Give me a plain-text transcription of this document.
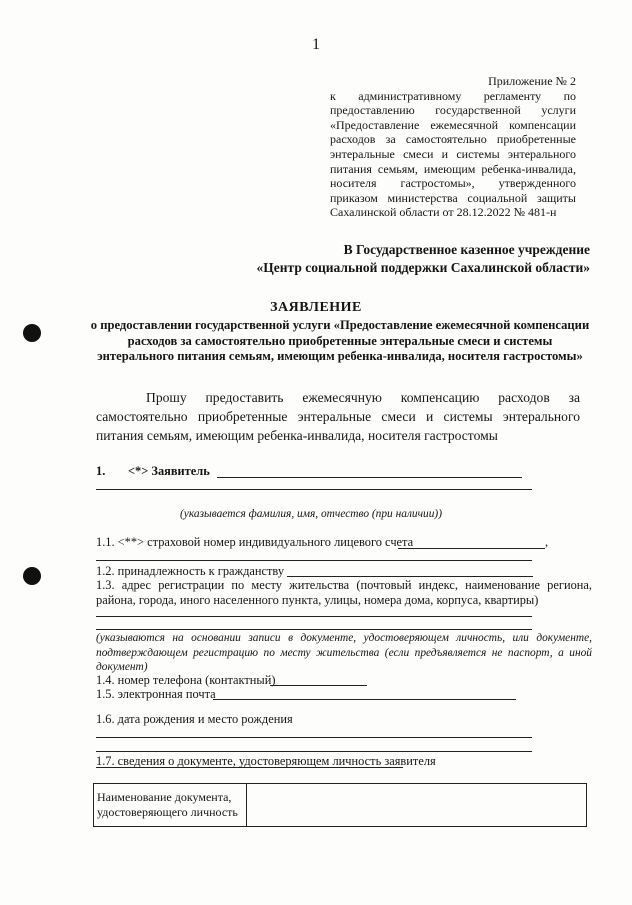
1
Приложение № 2
к административному регламенту по предоставлению государственной услуги «Предоставление ежемесячной компенсации расходов за самостоятельно приобретенные энтеральные смеси и системы энтерального питания семьям, имеющим ребенка-инвалида, носителя гастростомы», утвержденного приказом министерства социальной защиты Сахалинской области от 28.12.2022 № 481-н
В Государственное казенное учреждение
«Центр социальной поддержки Сахалинской области»
ЗАЯВЛЕНИЕ
о предоставлении государственной услуги «Предоставление ежемесячной компенсации расходов за самостоятельно приобретенные энтеральные смеси и системы энтерального питания семьям, имеющим ребенка-инвалида, носителя гастростомы»
Прошу предоставить ежемесячную компенсацию расходов за самостоятельно приобретенные энтеральные смеси и системы энтерального питания семьям, имеющим ребенка-инвалида, носителя гастростомы
1. <*> Заявитель
(указывается фамилия, имя, отчество (при наличии))
1.1. <**> страховой номер индивидуального лицевого счета	,
1.2. принадлежность к гражданству
1.3. адрес регистрации по месту жительства (почтовый индекс, наименование региона, района, города, иного населенного пункта, улицы, номера дома, корпуса, квартиры)
(указываются на основании записи в документе, удостоверяющем личность, или документе, подтверждающем регистрацию по месту жительства (если предъявляется не паспорт, а иной документ)
1.4. номер телефона (контактный)
1.5. электронная почта
1.6. дата рождения и место рождения
1.7. сведения о документе, удостоверяющем личность заявителя
Наименование документа, удостоверяющего личность	
